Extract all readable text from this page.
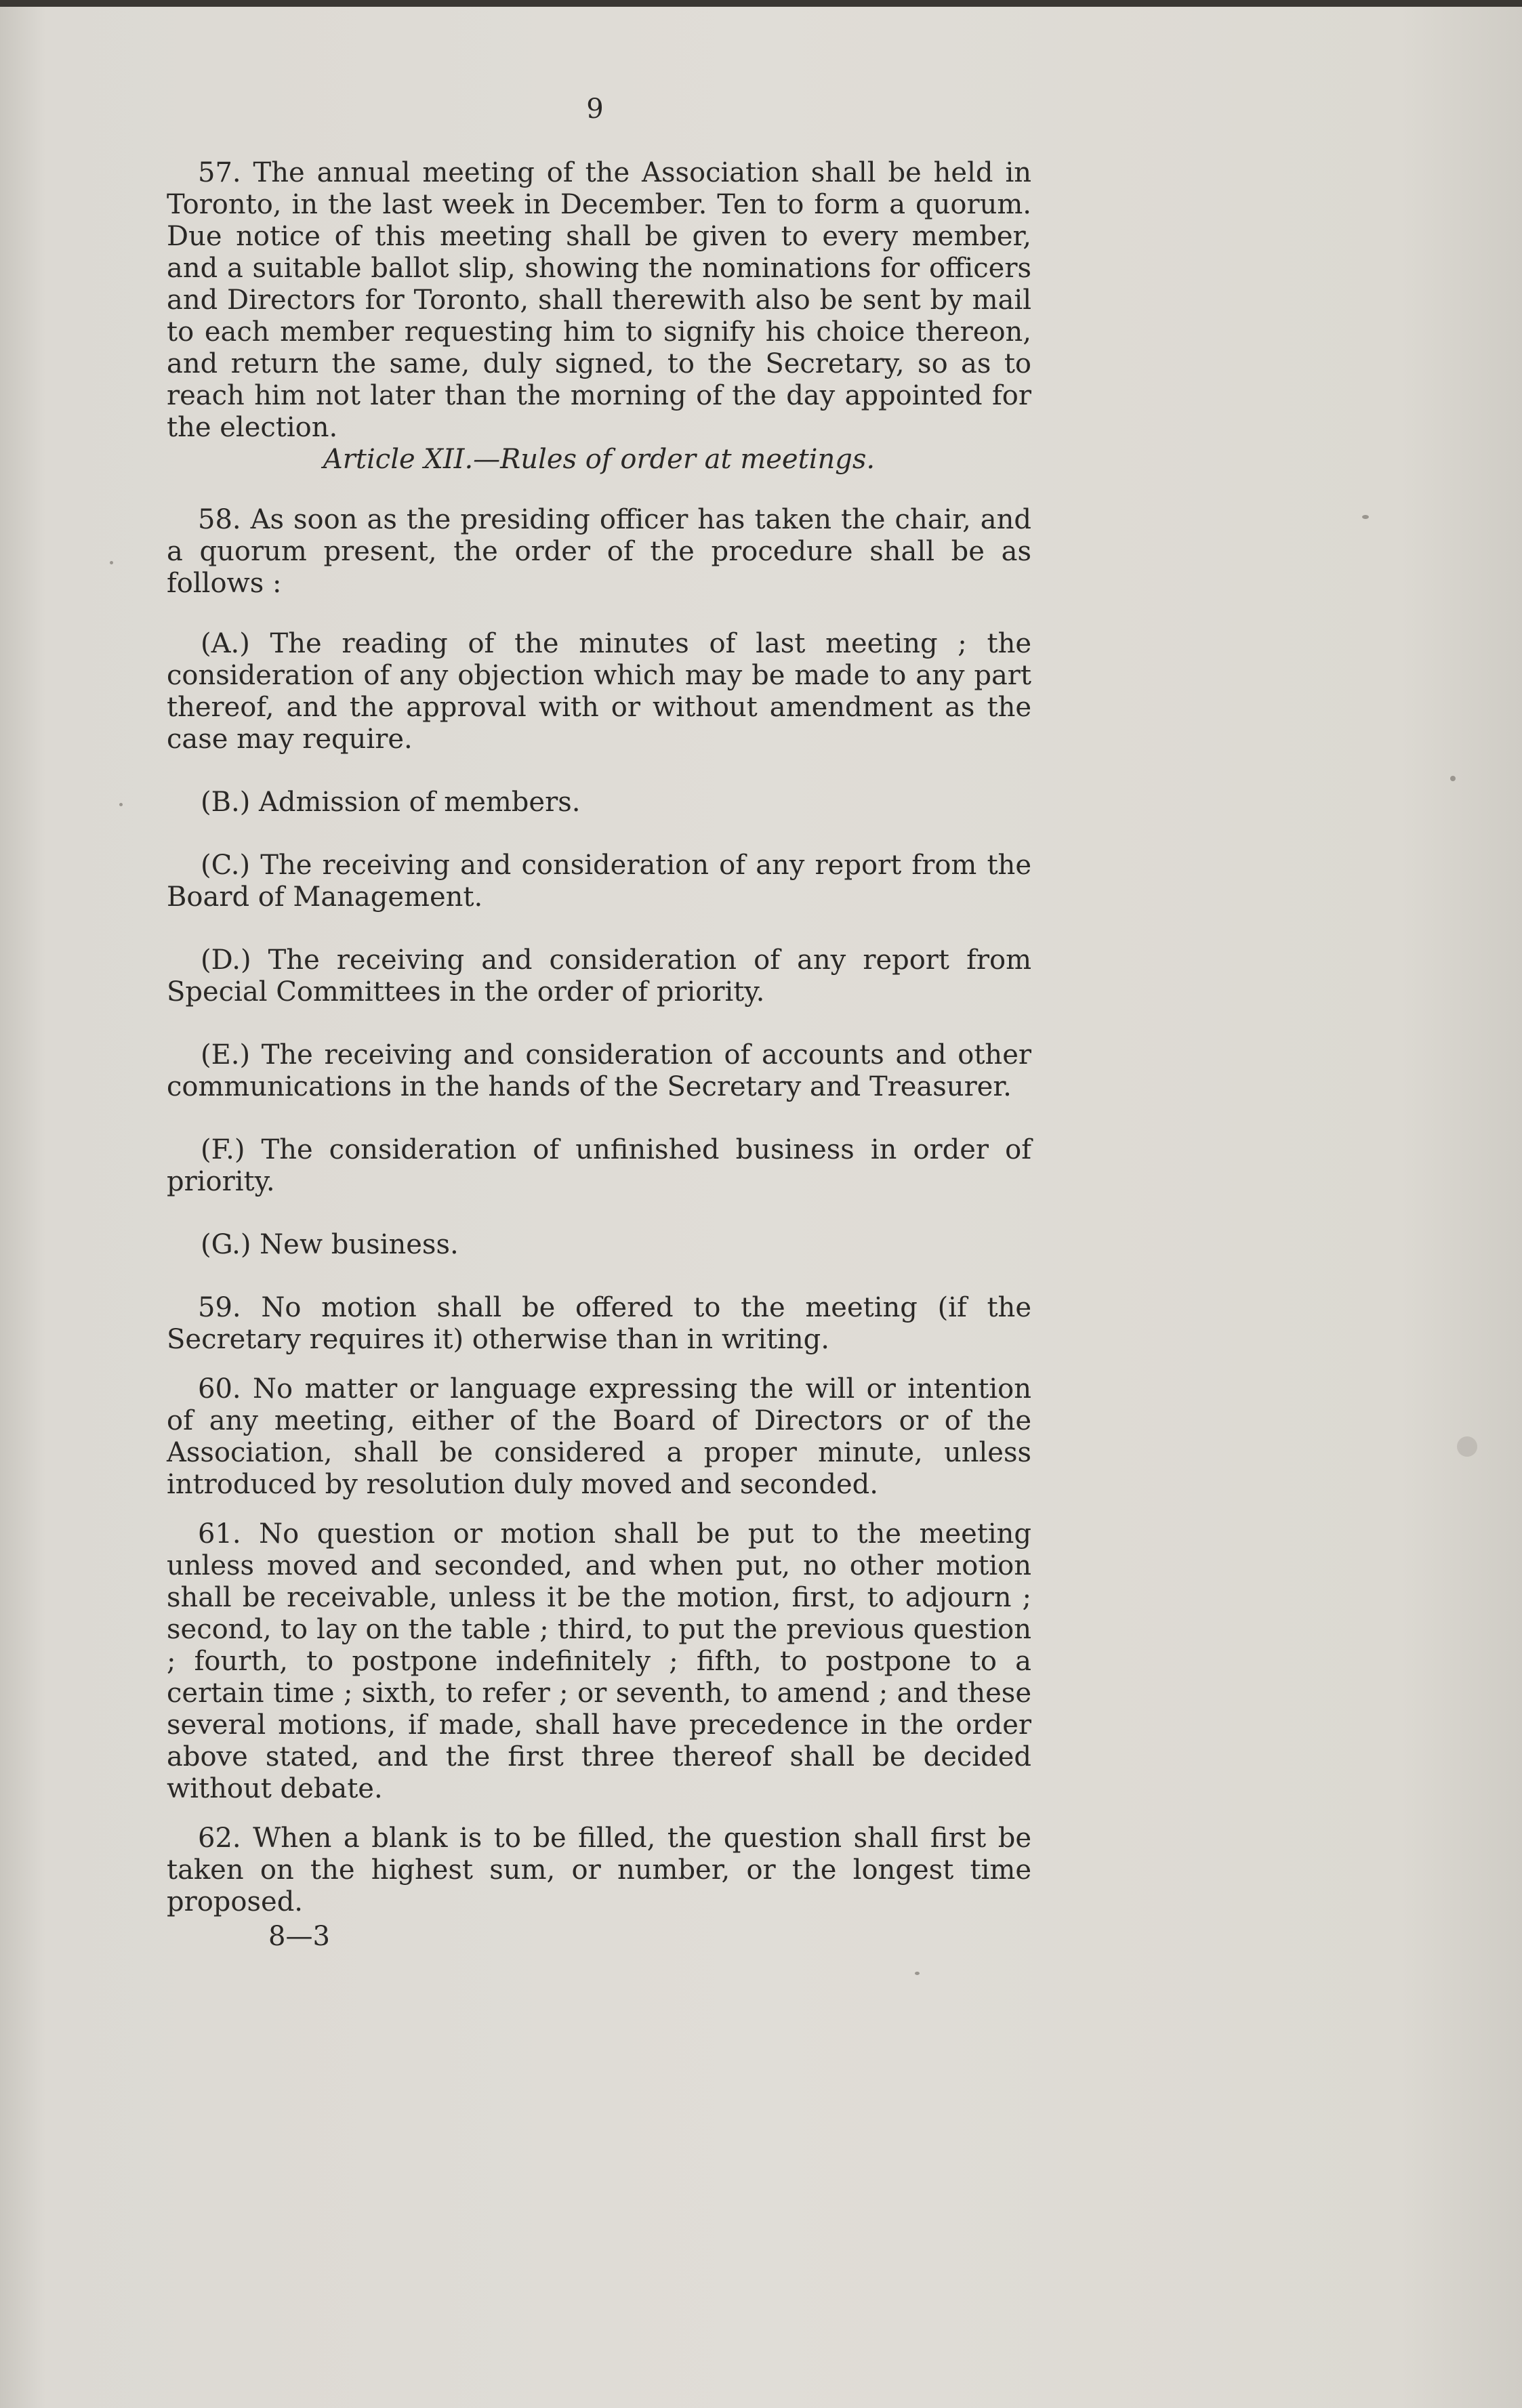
9

57. The annual meeting of the Association shall be held in Toronto, in the last week in December. Ten to form a quorum. Due notice of this meeting shall be given to every member, and a suitable ballot slip, showing the nominations for officers and Directors for Toronto, shall therewith also be sent by mail to each member requesting him to signify his choice thereon, and return the same, duly signed, to the Secretary, so as to reach him not later than the morning of the day appointed for the election.

Article XII.—Rules of order at meetings.

58. As soon as the presiding officer has taken the chair, and a quorum present, the order of the procedure shall be as follows :

(A.) The reading of the minutes of last meeting ; the consideration of any objection which may be made to any part thereof, and the approval with or without amendment as the case may require.

(B.) Admission of members.

(C.) The receiving and consideration of any report from the Board of Management.

(D.) The receiving and consideration of any report from Special Committees in the order of priority.

(E.) The receiving and consideration of accounts and other communications in the hands of the Secretary and Treasurer.

(F.) The consideration of unfinished business in order of priority.

(G.) New business.

59. No motion shall be offered to the meeting (if the Secretary requires it) otherwise than in writing.

60. No matter or language expressing the will or intention of any meeting, either of the Board of Directors or of the Association, shall be considered a proper minute, unless introduced by resolution duly moved and seconded.

61. No question or motion shall be put to the meeting unless moved and seconded, and when put, no other motion shall be receivable, unless it be the motion, first, to adjourn ; second, to lay on the table ; third, to put the previous question ; fourth, to postpone indefinitely ; fifth, to postpone to a certain time ; sixth, to refer ; or seventh, to amend ; and these several motions, if made, shall have precedence in the order above stated, and the first three thereof shall be decided without debate.

62. When a blank is to be filled, the question shall first be taken on the highest sum, or number, or the longest time proposed.

8—3
